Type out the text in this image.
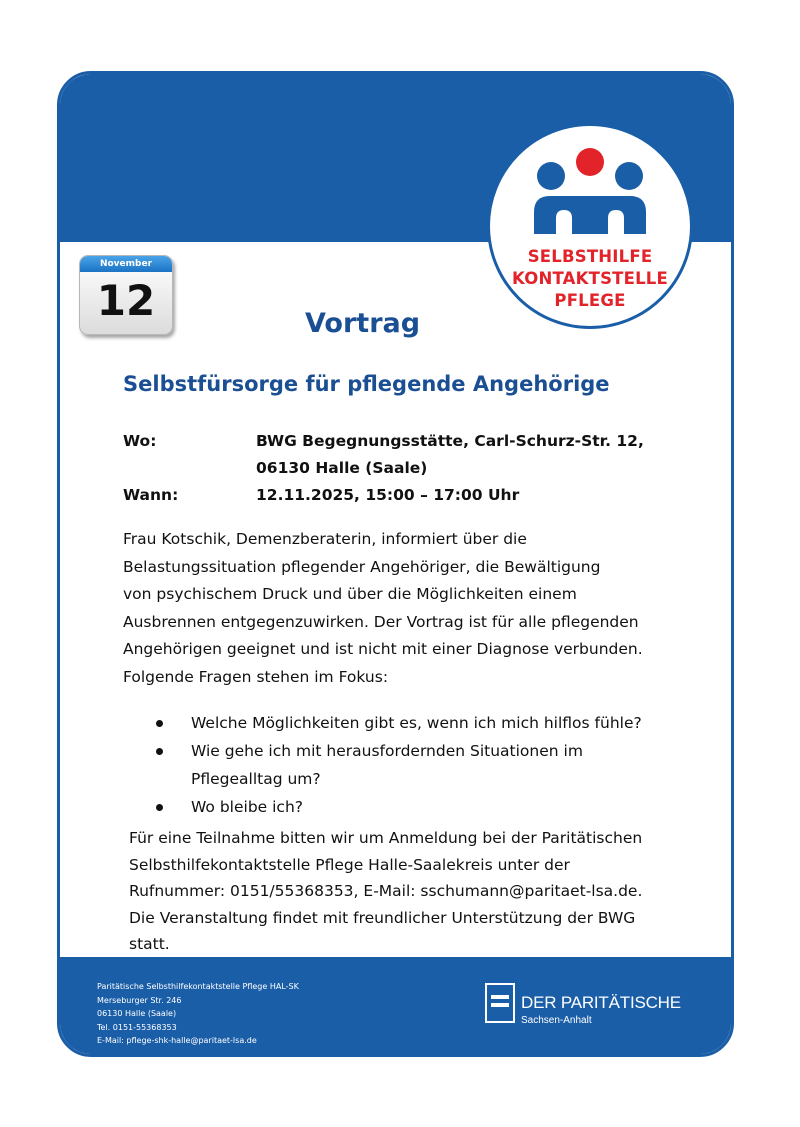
SELBSTHILFE
KONTAKTSTELLE
PFLEGE
November
12	Vortrag
Selbstfürsorge für pflegende Angehörige
Wo:	BWG Begegnungsstätte, Carl-Schurz-Str. 12,
06130 Halle (Saale)
Wann:	12.11.2025, 15:00 – 17:00 Uhr
Frau Kotschik, Demenzberaterin, informiert über die
Belastungssituation pflegender Angehöriger, die Bewältigung
von psychischem Druck und über die Möglichkeiten einem
Ausbrennen entgegenzuwirken. Der Vortrag ist für alle pflegenden
Angehörigen geeignet und ist nicht mit einer Diagnose verbunden.
Folgende Fragen stehen im Fokus:
Welche Möglichkeiten gibt es, wenn ich mich hilflos fühle?
Wie gehe ich mit herausfordernden Situationen im
Pflegealltag um?
Wo bleibe ich?
Für eine Teilnahme bitten wir um Anmeldung bei der Paritätischen
Selbsthilfekontaktstelle Pflege Halle-Saalekreis unter der
Rufnummer: 0151/55368353, E-Mail: sschumann@paritaet-lsa.de.
Die Veranstaltung findet mit freundlicher Unterstützung der BWG
statt.
Paritätische Selbsthilfekontaktstelle Pflege HAL-SK
Merseburger Str. 246
06130 Halle (Saale)
Tel. 0151-55368353
E-Mail: pflege-shk-halle@paritaet-lsa.de
DER PARITÄTISCHE
Sachsen-Anhalt
